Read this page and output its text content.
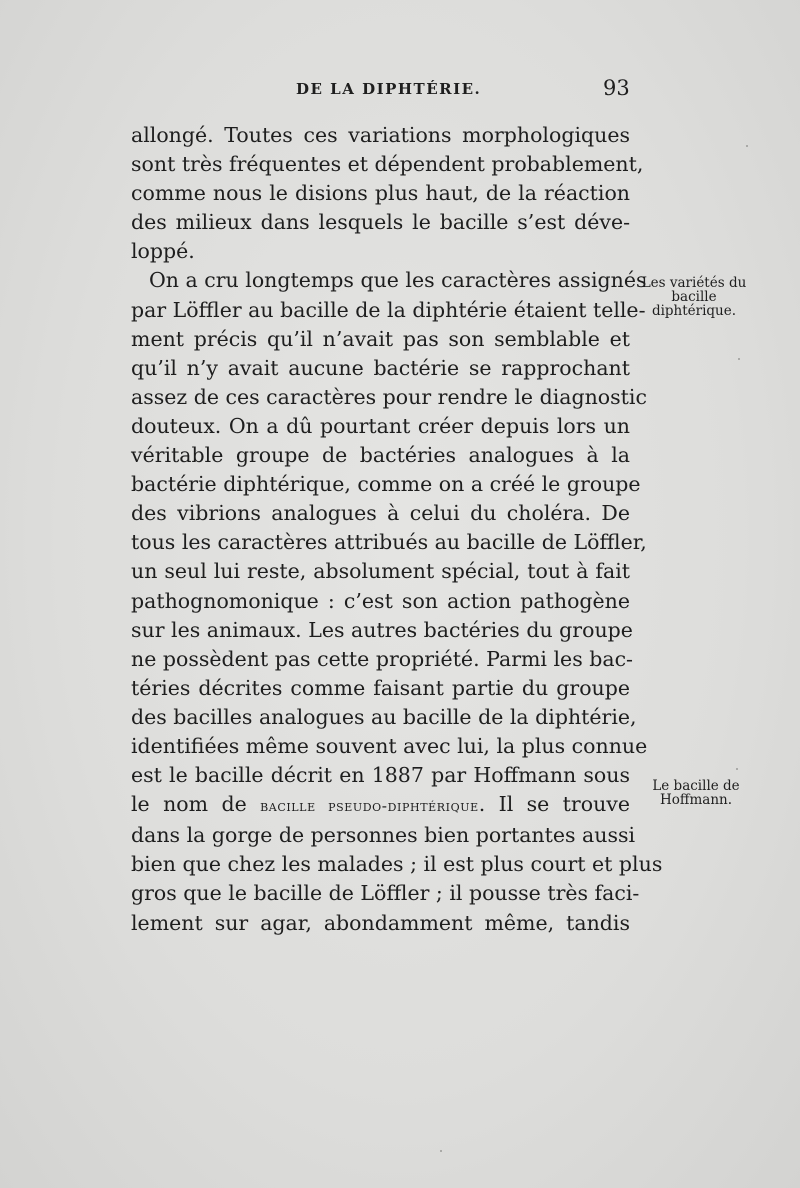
DE LA DIPHTÉRIE.	93
allongé. Toutes ces variations morphologiques
sont très fréquentes et dépendent probablement,
comme nous le disions plus haut, de la réaction
des milieux dans lesquels le bacille s’est déve-
loppé.
On a cru longtemps que les caractères assignés
par Löffler au bacille de la diphtérie étaient telle-
ment précis qu’il n’avait pas son semblable et
qu’il n’y avait aucune bactérie se rapprochant
assez de ces caractères pour rendre le diagnostic
douteux. On a dû pourtant créer depuis lors un
véritable groupe de bactéries analogues à la
bactérie diphtérique, comme on a créé le groupe
des vibrions analogues à celui du choléra. De
tous les caractères attribués au bacille de Löffler,
un seul lui reste, absolument spécial, tout à fait
pathognomonique : c’est son action pathogène
sur les animaux. Les autres bactéries du groupe
ne possèdent pas cette propriété. Parmi les bac-
téries décrites comme faisant partie du groupe
des bacilles analogues au bacille de la diphtérie,
identifiées même souvent avec lui, la plus connue
est le bacille décrit en 1887 par Hoffmann sous
le nom de bacille pseudo-diphtérique. Il se trouve
dans la gorge de personnes bien portantes aussi
bien que chez les malades ; il est plus court et plus
gros que le bacille de Löffler ; il pousse très faci-
lement sur agar, abondamment même, tandis
Les variétés du
bacille
diphtérique.
Le bacille de
Hoffmann.
